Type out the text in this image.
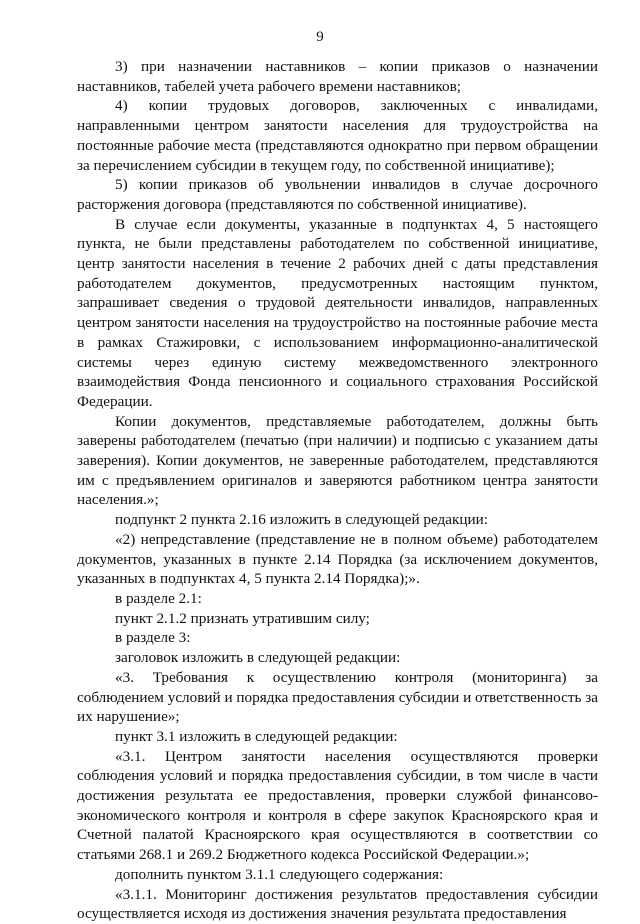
9

3) при назначении наставников – копии приказов о назначении наставников, табелей учета рабочего времени наставников;

4) копии трудовых договоров, заключенных с инвалидами, направленными центром занятости населения для трудоустройства на постоянные рабочие места (представляются однократно при первом обращении за перечислением субсидии в текущем году, по собственной инициативе);

5) копии приказов об увольнении инвалидов в случае досрочного расторжения договора (представляются по собственной инициативе).

В случае если документы, указанные в подпунктах 4, 5 настоящего пункта, не были представлены работодателем по собственной инициативе, центр занятости населения в течение 2 рабочих дней с даты представления работодателем документов, предусмотренных настоящим пунктом, запрашивает сведения о трудовой деятельности инвалидов, направленных центром занятости населения на трудоустройство на постоянные рабочие места в рамках Стажировки, с использованием информационно-аналитической системы через единую систему межведомственного электронного взаимодействия Фонда пенсионного и социального страхования Российской Федерации.

Копии документов, представляемые работодателем, должны быть заверены работодателем (печатью (при наличии) и подписью с указанием даты заверения). Копии документов, не заверенные работодателем, представляются им с предъявлением оригиналов и заверяются работником центра занятости населения.»;

подпункт 2 пункта 2.16 изложить в следующей редакции:

«2) непредставление (представление не в полном объеме) работодателем документов, указанных в пункте 2.14 Порядка (за исключением документов, указанных в подпунктах 4, 5 пункта 2.14 Порядка);».

в разделе 2.1:

пункт 2.1.2 признать утратившим силу;

в разделе 3:

заголовок изложить в следующей редакции:

«3. Требования к осуществлению контроля (мониторинга) за соблюдением условий и порядка предоставления субсидии и ответственность за их нарушение»;

пункт 3.1 изложить в следующей редакции:

«3.1. Центром занятости населения осуществляются проверки соблюдения условий и порядка предоставления субсидии, в том числе в части достижения результата ее предоставления, проверки службой финансово-экономического контроля и контроля в сфере закупок Красноярского края и Счетной палатой Красноярского края осуществляются в соответствии со статьями 268.1 и 269.2 Бюджетного кодекса Российской Федерации.»;

дополнить пунктом 3.1.1 следующего содержания:

«3.1.1. Мониторинг достижения результатов предоставления субсидии осуществляется исходя из достижения значения результата предоставления
